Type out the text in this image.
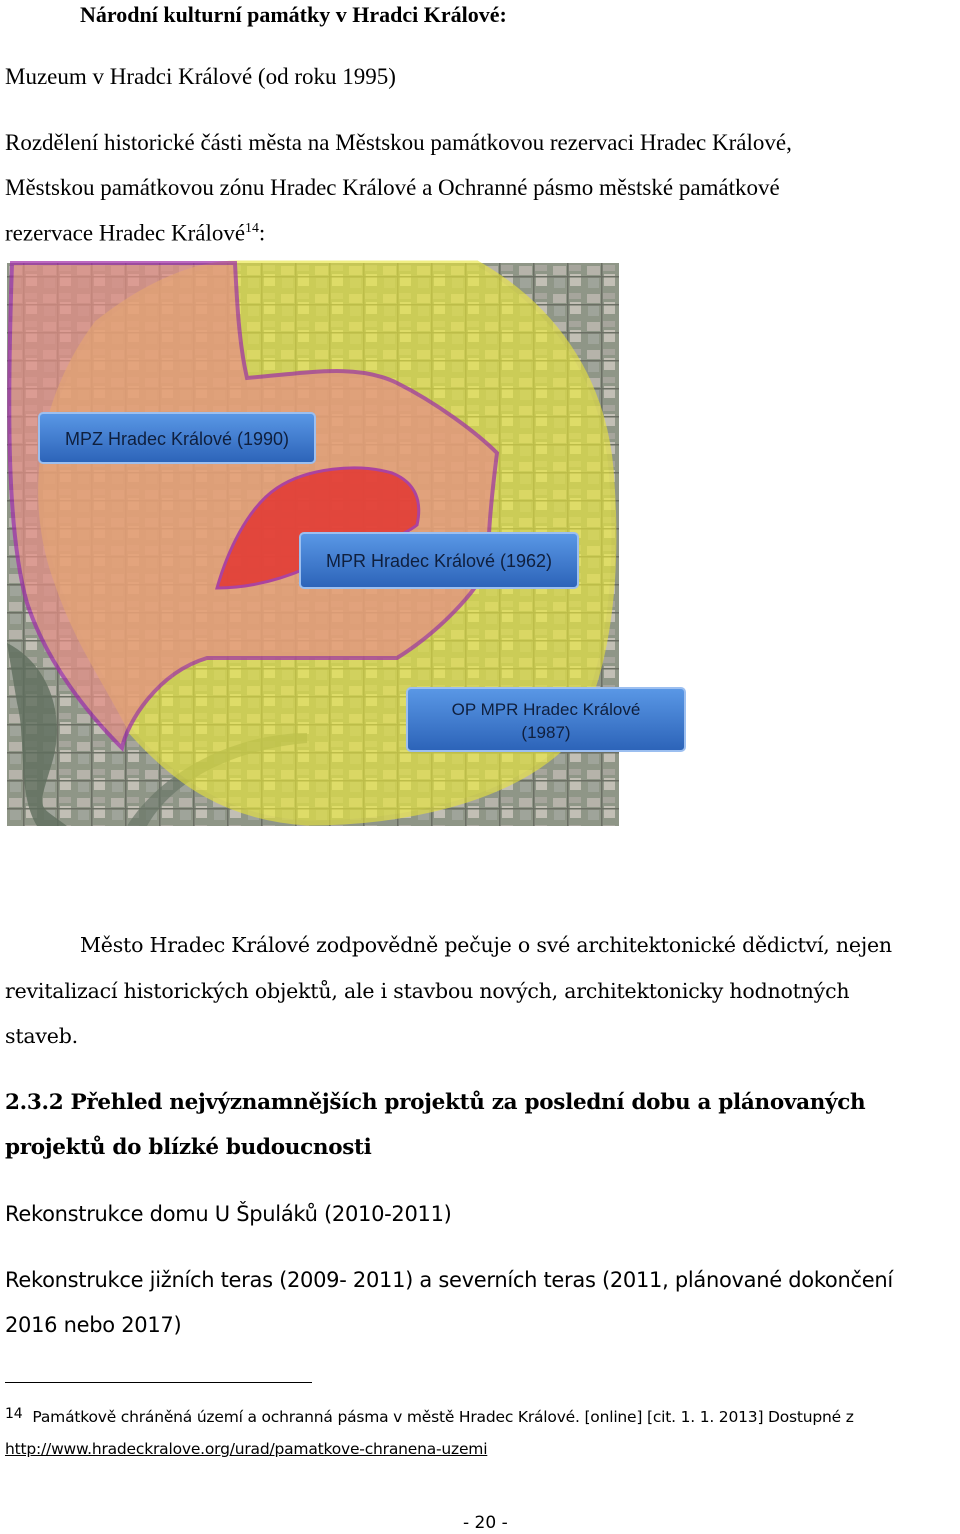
Národní kulturní památky v Hradci Králové:
Muzeum v Hradci Králové (od roku 1995)
Rozdělení historické části města na Městskou památkovou rezervaci Hradec Králové,
Městskou památkovou zónu Hradec Králové a Ochranné pásmo městské památkové
rezervace Hradec Králové$^{14}$:
MPZ Hradec Králové (1990)
MPR Hradec Králové (1962)
OP MPR Hradec Králové
(1987)
Město Hradec Králové zodpovědně pečuje o své architektonické dědictví, nejen
revitalizací historických objektů, ale i stavbou nových, architektonicky hodnotných
staveb.
2.3.2 Přehled nejvýznamnějších projektů za poslední dobu a plánovaných
projektů do blízké budoucnosti
Rekonstrukce domu U Špuláků (2010-2011)
Rekonstrukce jižních teras (2009- 2011) a severních teras (2011, plánované dokončení
2016 nebo 2017)
14 Památkově chráněná území a ochranná pásma v městě Hradec Králové. [online] [cit. 1. 1. 2013] Dostupné z
http://www.hradeckralove.org/urad/pamatkove-chranena-uzemi
- 20 -
